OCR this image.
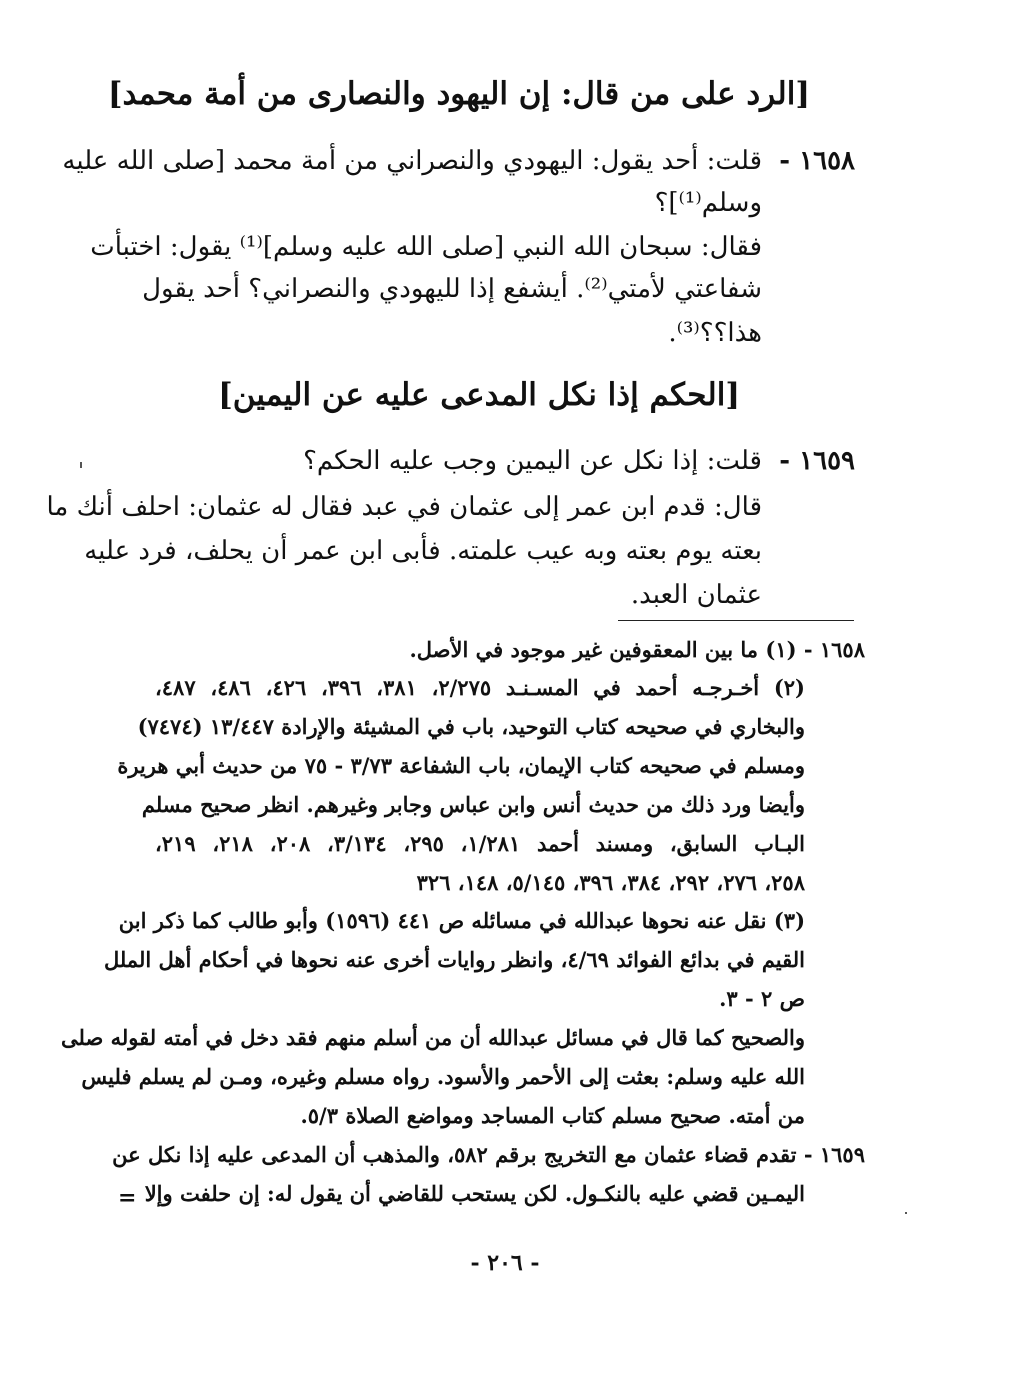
[الرد على من قال: إن اليهود والنصارى من أمة محمد]
١٦٥٨ -
قلت: أحد يقول: اليهودي والنصراني من أمة محمد [صلى الله عليه
وسلم⁽¹⁾]؟
فقال: سبحان الله النبي [صلى الله عليه وسلم]⁽¹⁾ يقول: اختبأت
شفاعتي لأمتي⁽²⁾. أيشفع إذا لليهودي والنصراني؟ أحد يقول
هذا؟؟⁽³⁾.
[الحكم إذا نكل المدعى عليه عن اليمين]
١٦٥٩ -
قلت: إذا نكل عن اليمين وجب عليه الحكم؟
قال: قدم ابن عمر إلى عثمان في عبد فقال له عثمان: احلف أنك ما
بعته يوم بعته وبه عيب علمته. فأبى ابن عمر أن يحلف، فرد عليه
عثمان العبد.
١٦٥٨ - (١) ما بين المعقوفين غير موجود في الأصل.
(٢) أخـرجـه أحمد في المسـنـد ٢/٢٧٥، ٣٨١، ٣٩٦، ٤٢٦، ٤٨٦، ٤٨٧،
والبخاري في صحيحه كتاب التوحيد، باب في المشيئة والإرادة ١٣/٤٤٧ (٧٤٧٤)
ومسلم في صحيحه كتاب الإيمان، باب الشفاعة ٣/٧٣ - ٧٥ من حديث أبي هريرة
وأيضا ورد ذلك من حديث أنس وابن عباس وجابر وغيرهم. انظر صحيح مسلم
البـاب السابق، ومسند أحمد ١/٢٨١، ٢٩٥، ٣/١٣٤، ٢٠٨، ٢١٨، ٢١٩،
٢٥٨، ٢٧٦، ٢٩٢، ٣٨٤، ٣٩٦، ٥/١٤٥، ١٤٨، ٣٢٦
(٣) نقل عنه نحوها عبدالله في مسائله ص ٤٤١ (١٥٩٦) وأبو طالب كما ذكر ابن
القيم في بدائع الفوائد ٤/٦٩، وانظر روايات أخرى عنه نحوها في أحكام أهل الملل
ص ٢ - ٣.
والصحيح كما قال في مسائل عبدالله أن من أسلم منهم فقد دخل في أمته لقوله صلى
الله عليه وسلم: بعثت إلى الأحمر والأسود. رواه مسلم وغيره، ومـن لم يسلم فليس
من أمته. صحيح مسلم كتاب المساجد ومواضع الصلاة ٥/٣.
١٦٥٩ - تقدم قضاء عثمان مع التخريج برقم ٥٨٢، والمذهب أن المدعى عليه إذا نكل عن
اليمـين قضي عليه بالنكـول. لكن يستحب للقاضي أن يقول له: إن حلفت وإلا
=
- ٢٠٦ -
